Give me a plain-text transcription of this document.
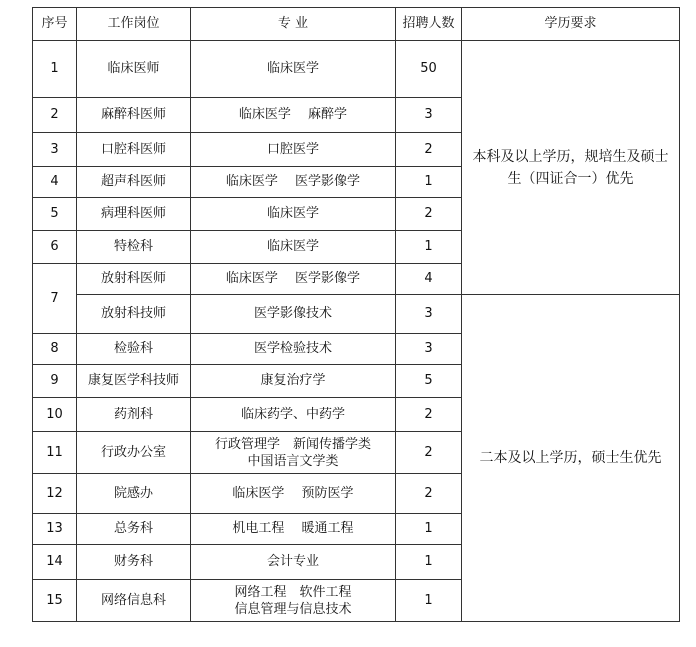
序号	工作岗位	专 业	招聘人数	学历要求
1	临床医师	临床医学	50	本科及以上学历，规培生及硕士生（四证合一）优先
2	麻醉科医师	临床医学　 麻醉学	3	
3	口腔科医师	口腔医学	2	
4	超声科医师	临床医学　 医学影像学	1	
5	病理科医师	临床医学	2	
6	特检科	临床医学	1	
7	放射科医师	临床医学　 医学影像学	4	
	放射科技师	医学影像技术	3	二本及以上学历，硕士生优先
8	检验科	医学检验技术	3	
9	康复医学科技师	康复治疗学	5	
10	药剂科	临床药学、中药学	2	
11	行政办公室	行政管理学　新闻传播学类
中国语言文学类	2	
12	院感办	临床医学　 预防医学	2	
13	总务科	机电工程　 暖通工程	1	
14	财务科	会计专业	1	
15	网络信息科	网络工程　软件工程
信息管理与信息技术	1	
